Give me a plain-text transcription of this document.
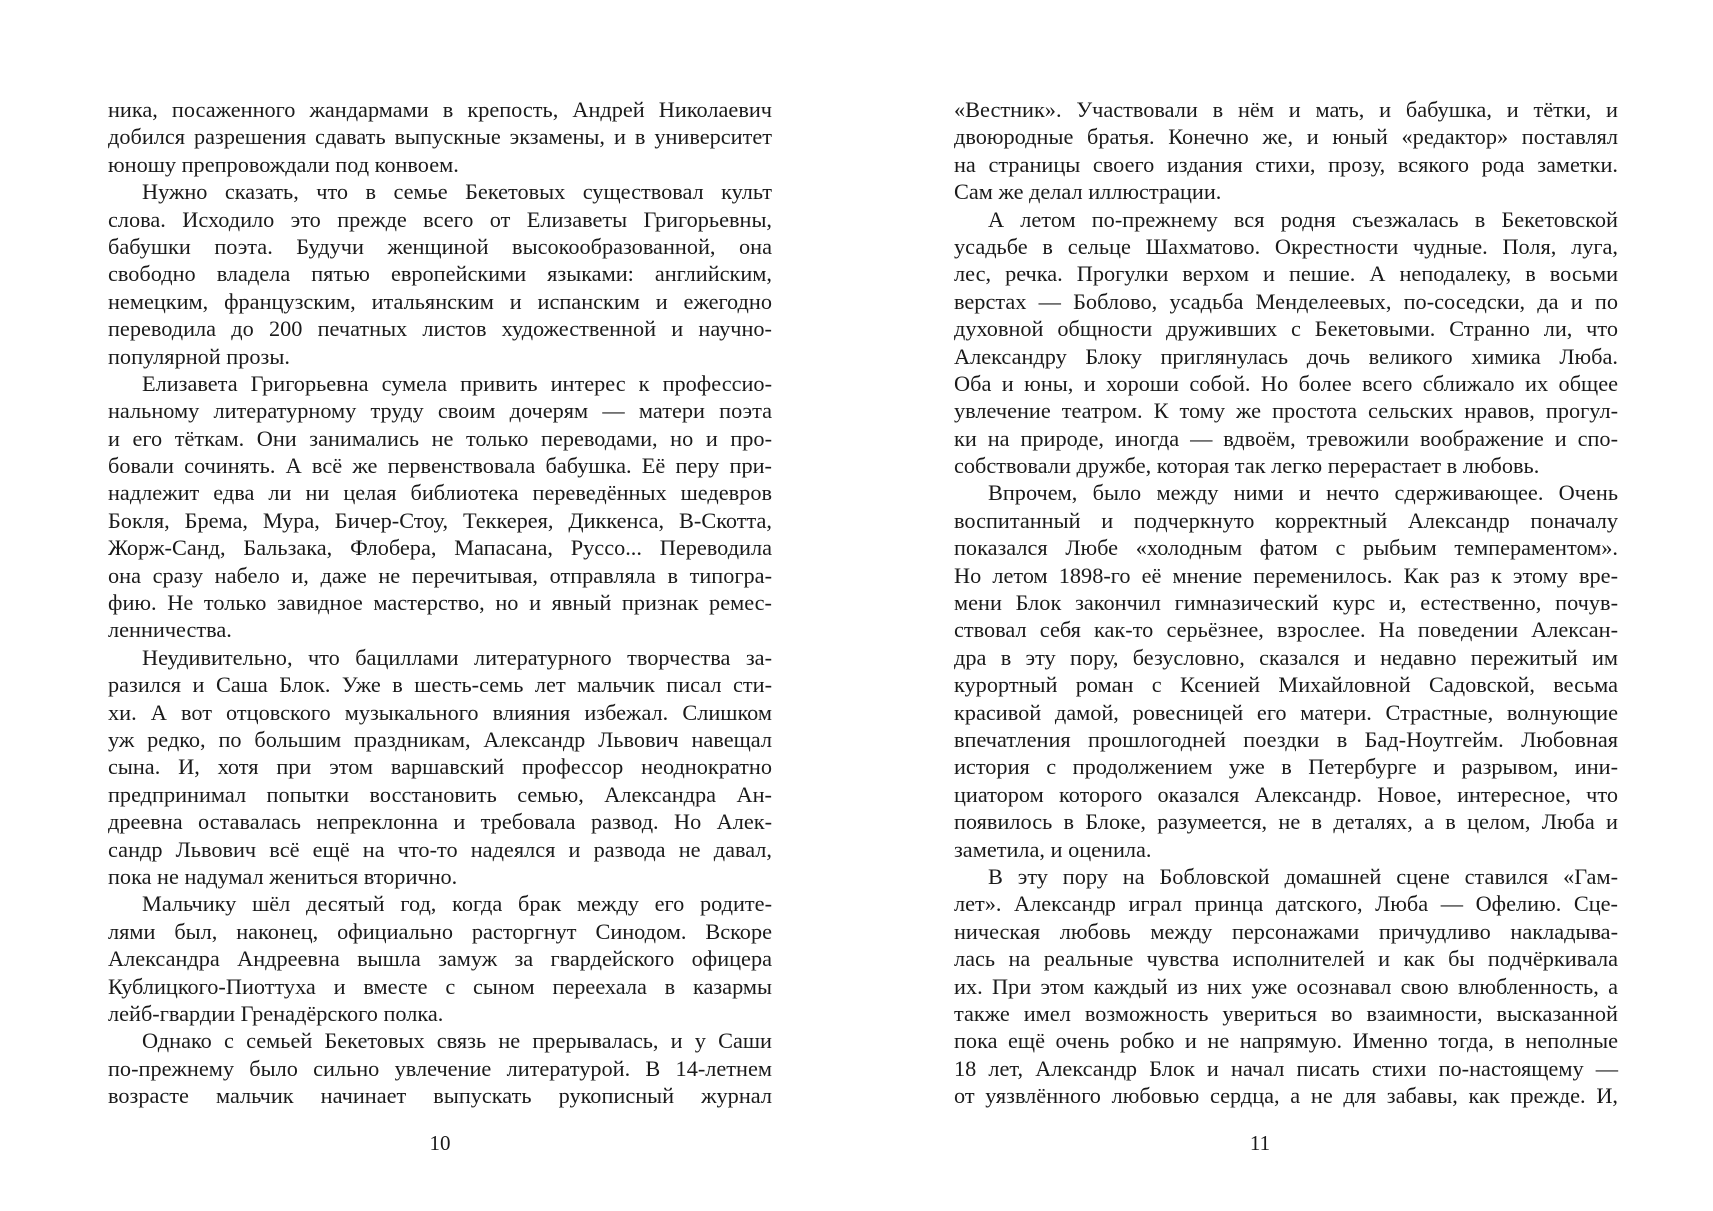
ника, посаженного жандармами в крепость, Андрей Николаевич
добился разрешения сдавать выпускные экзамены, и в университет
юношу препровождали под конвоем.
Нужно сказать, что в семье Бекетовых существовал культ
слова. Исходило это прежде всего от Елизаветы Григорьевны,
бабушки поэта. Будучи женщиной высокообразованной, она
свободно владела пятью европейскими языками: английским,
немецким, французским, итальянским и испанским и ежегодно
переводила до 200 печатных листов художественной и научно-
популярной прозы.
Елизавета Григорьевна сумела привить интерес к профессио-
нальному литературному труду своим дочерям — матери поэта
и его тёткам. Они занимались не только переводами, но и про-
бовали сочинять. А всё же первенствовала бабушка. Её перу при-
надлежит едва ли ни целая библиотека переведённых шедевров
Бокля, Брема, Мура, Бичер-Стоу, Теккерея, Диккенса, В-Скотта,
Жорж-Санд, Бальзака, Флобера, Мапасана, Руссо... Переводила
она сразу набело и, даже не перечитывая, отправляла в типогра-
фию. Не только завидное мастерство, но и явный признак ремес-
ленничества.
Неудивительно, что бациллами литературного творчества за-
разился и Саша Блок. Уже в шесть-семь лет мальчик писал сти-
хи. А вот отцовского музыкального влияния избежал. Слишком
уж редко, по большим праздникам, Александр Львович навещал
сына. И, хотя при этом варшавский профессор неоднократно
предпринимал попытки восстановить семью, Александра Ан-
дреевна оставалась непреклонна и требовала развод. Но Алек-
сандр Львович всё ещё на что-то надеялся и развода не давал,
пока не надумал жениться вторично.
Мальчику шёл десятый год, когда брак между его родите-
лями был, наконец, официально расторгнут Синодом. Вскоре
Александра Андреевна вышла замуж за гвардейского офицера
Кублицкого-Пиоттуха и вместе с сыном переехала в казармы
лейб-гвардии Гренадёрского полка.
Однако с семьей Бекетовых связь не прерывалась, и у Саши
по-прежнему было сильно увлечение литературой. В 14-летнем
возрасте мальчик начинает выпускать рукописный журнал
10
«Вестник». Участвовали в нём и мать, и бабушка, и тётки, и
двоюродные братья. Конечно же, и юный «редактор» поставлял
на страницы своего издания стихи, прозу, всякого рода заметки.
Сам же делал иллюстрации.
А летом по-прежнему вся родня съезжалась в Бекетовской
усадьбе в сельце Шахматово. Окрестности чудные. Поля, луга,
лес, речка. Прогулки верхом и пешие. А неподалеку, в восьми
верстах — Боблово, усадьба Менделеевых, по-соседски, да и по
духовной общности друживших с Бекетовыми. Странно ли, что
Александру Блоку приглянулась дочь великого химика Люба.
Оба и юны, и хороши собой. Но более всего сближало их общее
увлечение театром. К тому же простота сельских нравов, прогул-
ки на природе, иногда — вдвоём, тревожили воображение и спо-
собствовали дружбе, которая так легко перерастает в любовь.
Впрочем, было между ними и нечто сдерживающее. Очень
воспитанный и подчеркнуто корректный Александр поначалу
показался Любе «холодным фатом с рыбьим темпераментом».
Но летом 1898-го её мнение переменилось. Как раз к этому вре-
мени Блок закончил гимназический курс и, естественно, почув-
ствовал себя как-то серьёзнее, взрослее. На поведении Алексан-
дра в эту пору, безусловно, сказался и недавно пережитый им
курортный роман с Ксенией Михайловной Садовской, весьма
красивой дамой, ровесницей его матери. Страстные, волнующие
впечатления прошлогодней поездки в Бад-Ноутгейм. Любовная
история с продолжением уже в Петербурге и разрывом, ини-
циатором которого оказался Александр. Новое, интересное, что
появилось в Блоке, разумеется, не в деталях, а в целом, Люба и
заметила, и оценила.
В эту пору на Бобловской домашней сцене ставился «Гам-
лет». Александр играл принца датского, Люба — Офелию. Сце-
ническая любовь между персонажами причудливо накладыва-
лась на реальные чувства исполнителей и как бы подчёркивала
их. При этом каждый из них уже осознавал свою влюбленность, а
также имел возможность увериться во взаимности, высказанной
пока ещё очень робко и не напрямую. Именно тогда, в неполные
18 лет, Александр Блок и начал писать стихи по-настоящему —
от уязвлённого любовью сердца, а не для забавы, как прежде. И,
11
